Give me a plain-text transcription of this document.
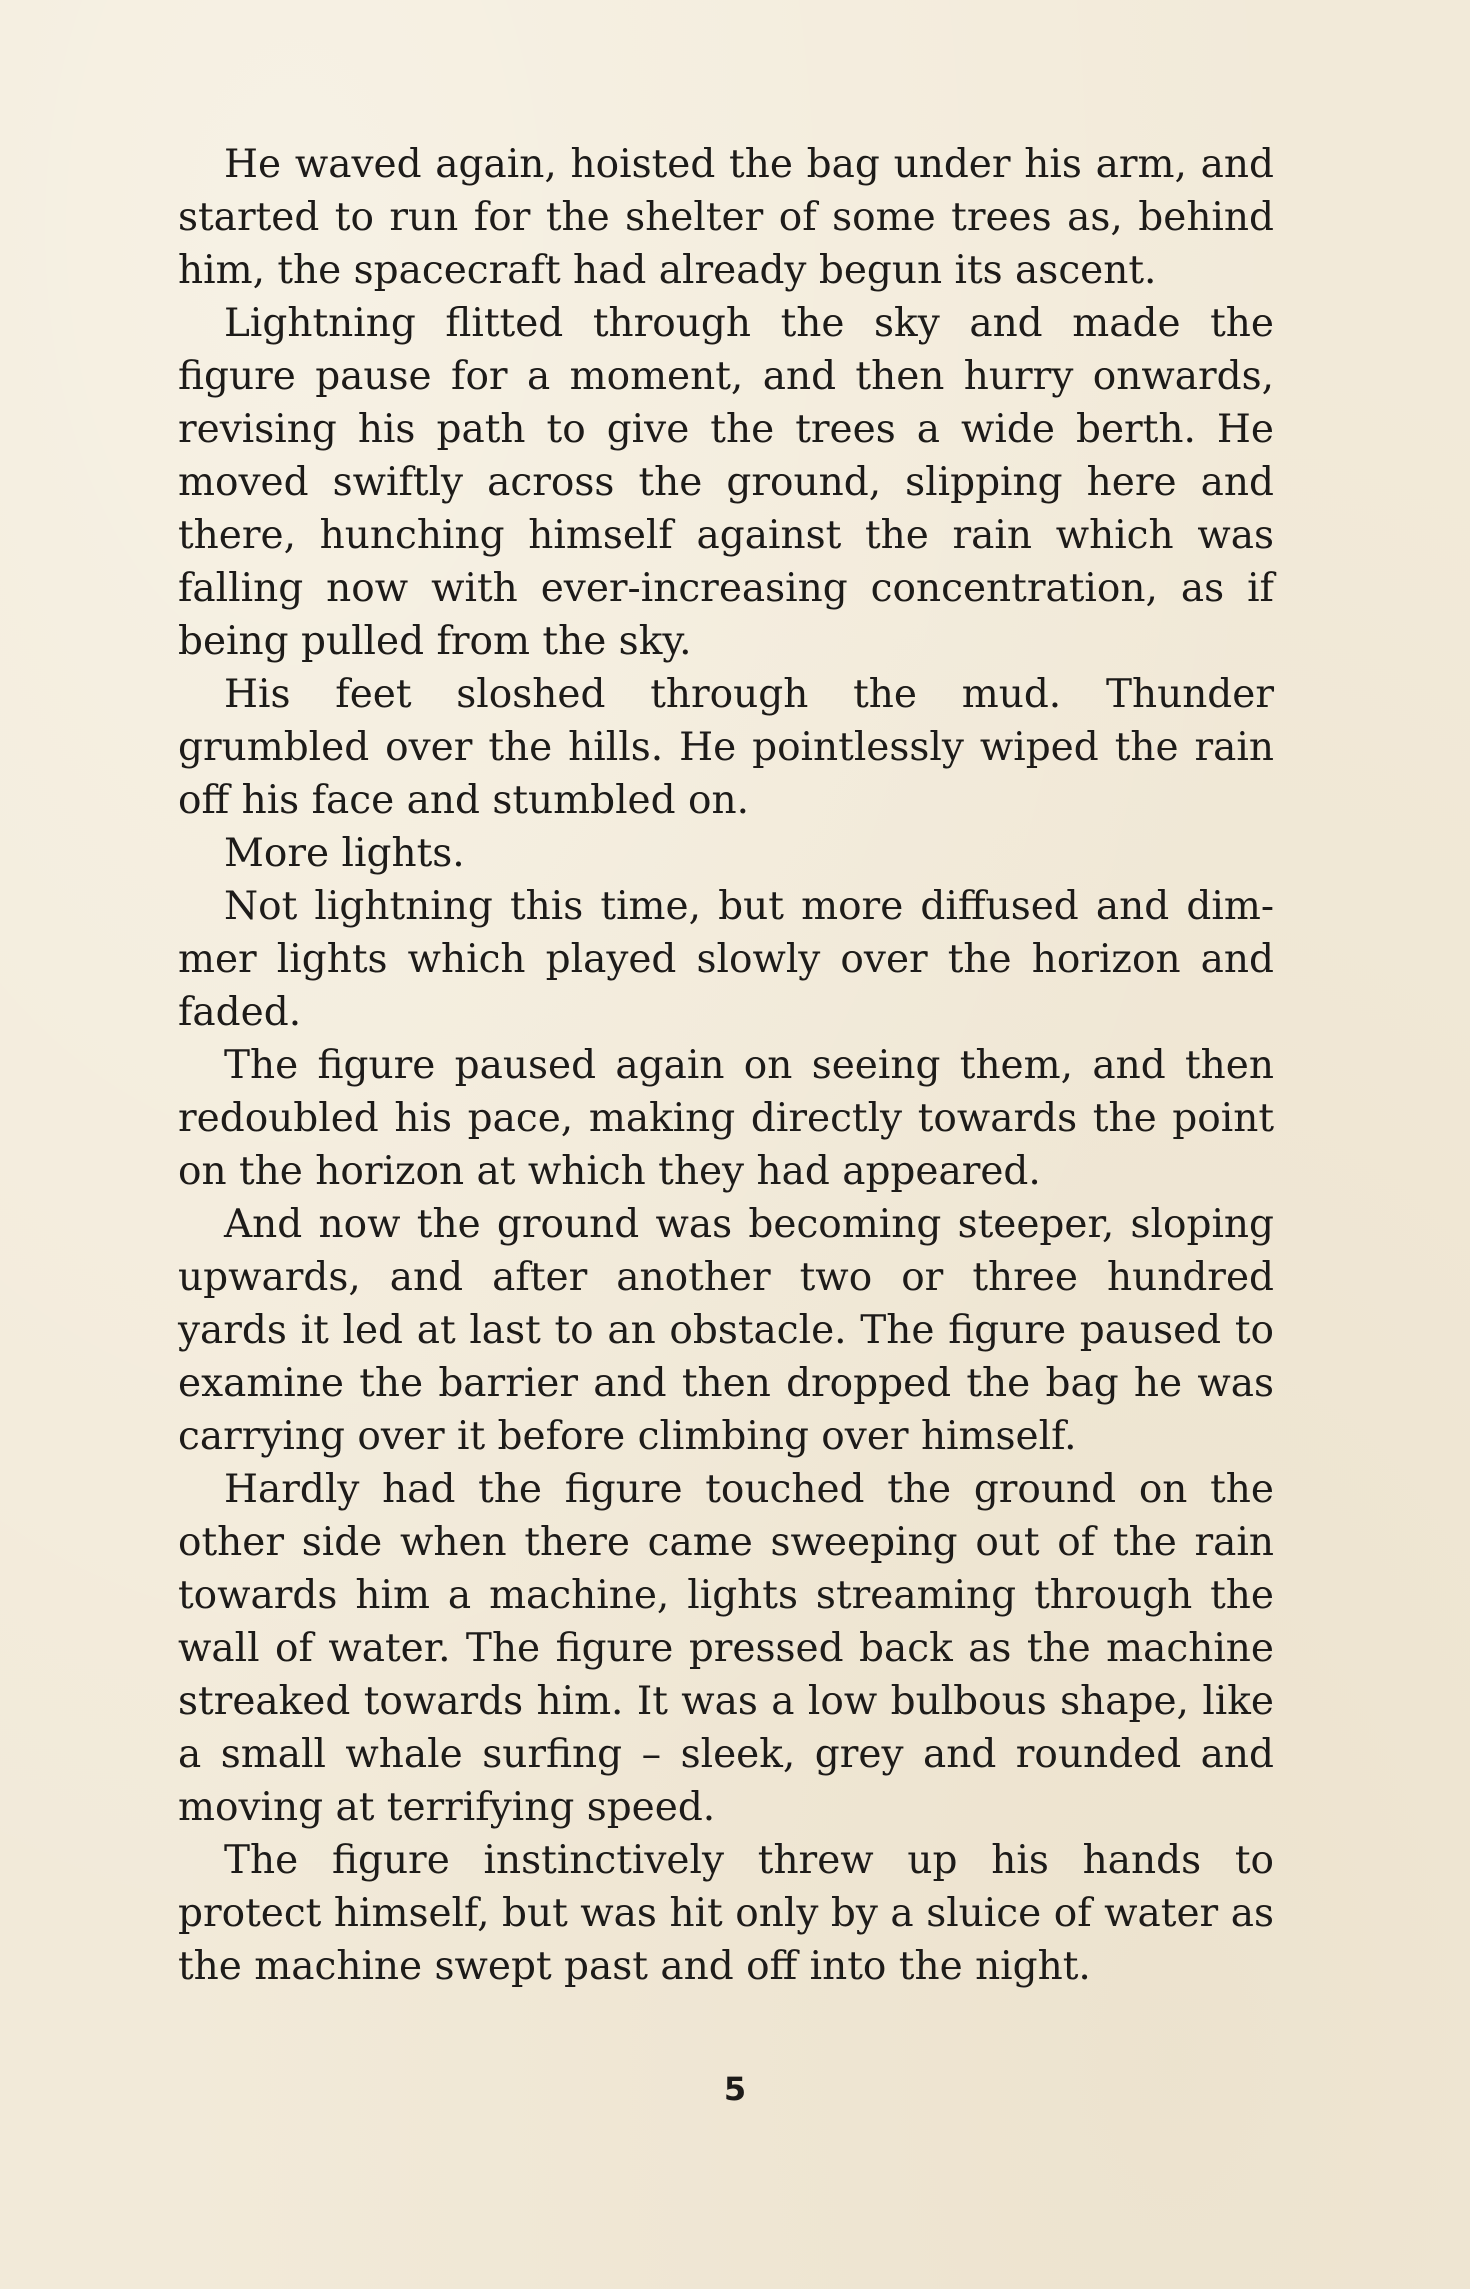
He waved again, hoisted the bag under his arm, and started to run for the shelter of some trees as, behind him, the spacecraft had already begun its ascent.

Lightning flitted through the sky and made the figure pause for a moment, and then hurry onwards, revising his path to give the trees a wide berth. He moved swiftly across the ground, slipping here and there, hunching himself against the rain which was falling now with ever-increasing concentration, as if being pulled from the sky.

His feet sloshed through the mud. Thunder grumbled over the hills. He pointlessly wiped the rain off his face and stumbled on.

More lights.

Not lightning this time, but more diffused and dim-mer lights which played slowly over the horizon and faded.

The figure paused again on seeing them, and then redoubled his pace, making directly towards the point on the horizon at which they had appeared.

And now the ground was becoming steeper, sloping upwards, and after another two or three hundred yards it led at last to an obstacle. The figure paused to examine the barrier and then dropped the bag he was carrying over it before climbing over himself.

Hardly had the figure touched the ground on the other side when there came sweeping out of the rain towards him a machine, lights streaming through the wall of water. The figure pressed back as the machine streaked towards him. It was a low bulbous shape, like a small whale surfing – sleek, grey and rounded and moving at terrifying speed.

The figure instinctively threw up his hands to protect himself, but was hit only by a sluice of water as the machine swept past and off into the night.

5
